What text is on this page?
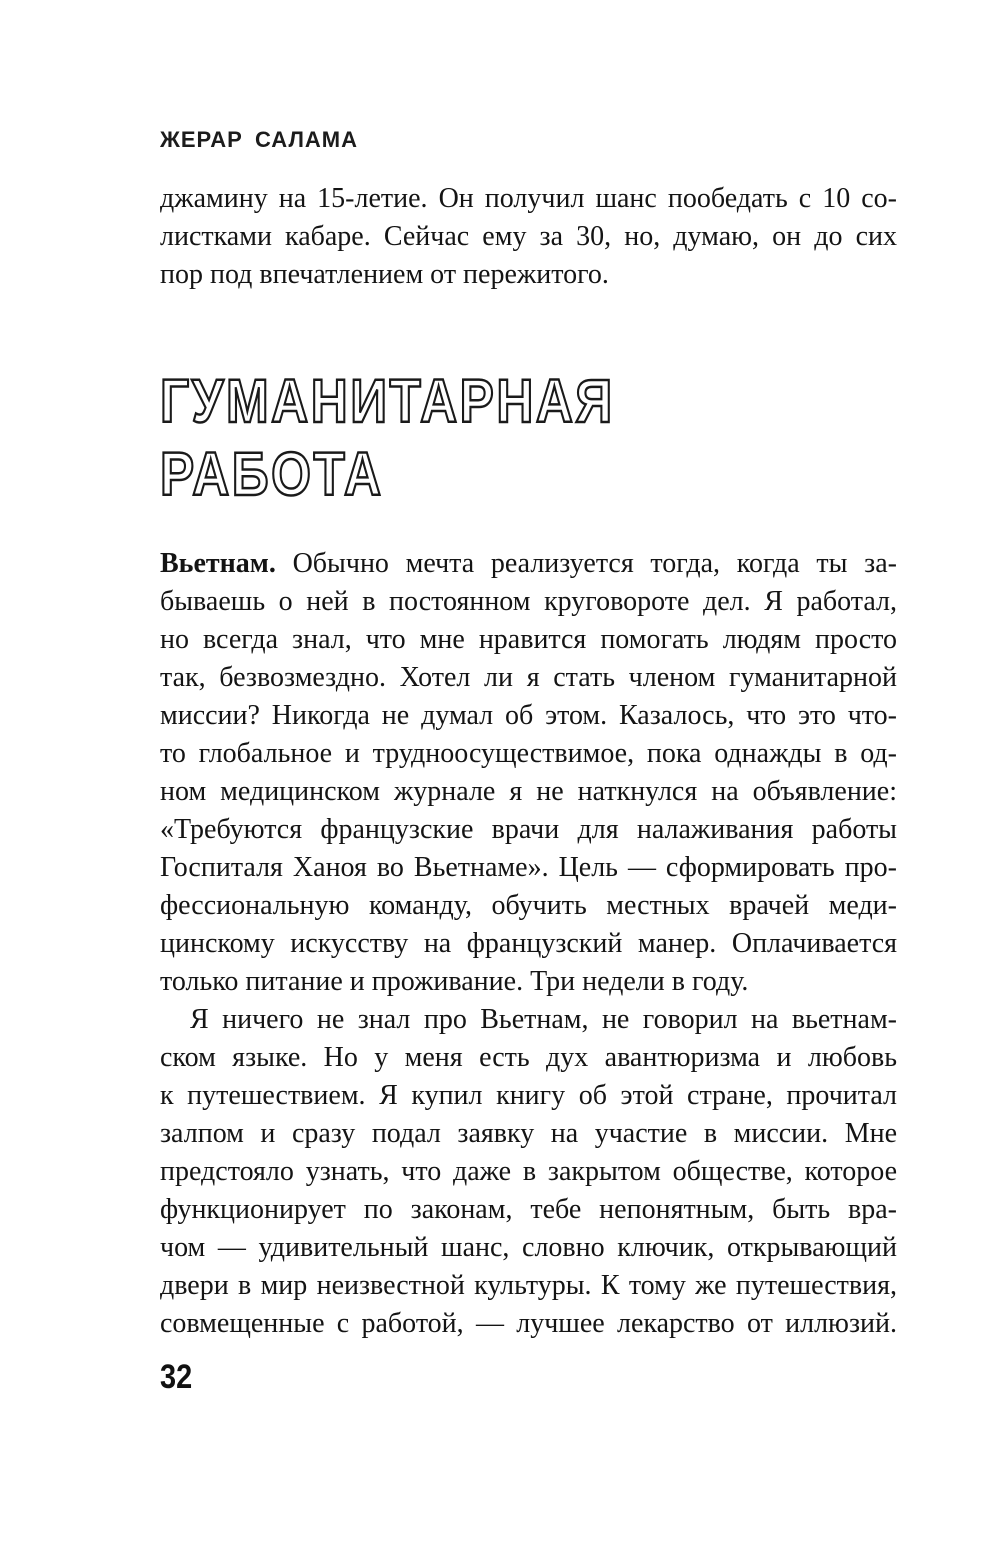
ЖЕРАР САЛАМА
джамину на 15-летие. Он получил шанс пообедать с 10 со-
листками кабаре. Сейчас ему за 30, но, думаю, он до сих
пор под впечатлением от пережитого.
ГУМАНИТАРНАЯ
РАБОТА
Вьетнам. Обычно мечта реализуется тогда, когда ты за-
бываешь о ней в постоянном круговороте дел. Я работал,
но всегда знал, что мне нравится помогать людям просто
так, безвозмездно. Хотел ли я стать членом гуманитарной
миссии? Никогда не думал об этом. Казалось, что это что-
то глобальное и трудноосуществимое, пока однажды в од-
ном медицинском журнале я не наткнулся на объявление:
«Требуются французские врачи для налаживания работы
Госпиталя Ханоя во Вьетнаме». Цель — сформировать про-
фессиональную команду, обучить местных врачей меди-
цинскому искусству на французский манер. Оплачивается
только питание и проживание. Три недели в году.
Я ничего не знал про Вьетнам, не говорил на вьетнам-
ском языке. Но у меня есть дух авантюризма и любовь
к путешествием. Я купил книгу об этой стране, прочитал
залпом и сразу подал заявку на участие в миссии. Мне
предстояло узнать, что даже в закрытом обществе, которое
функционирует по законам, тебе непонятным, быть вра-
чом — удивительный шанс, словно ключик, открывающий
двери в мир неизвестной культуры. К тому же путешествия,
совмещенные с работой, — лучшее лекарство от иллюзий.
32
